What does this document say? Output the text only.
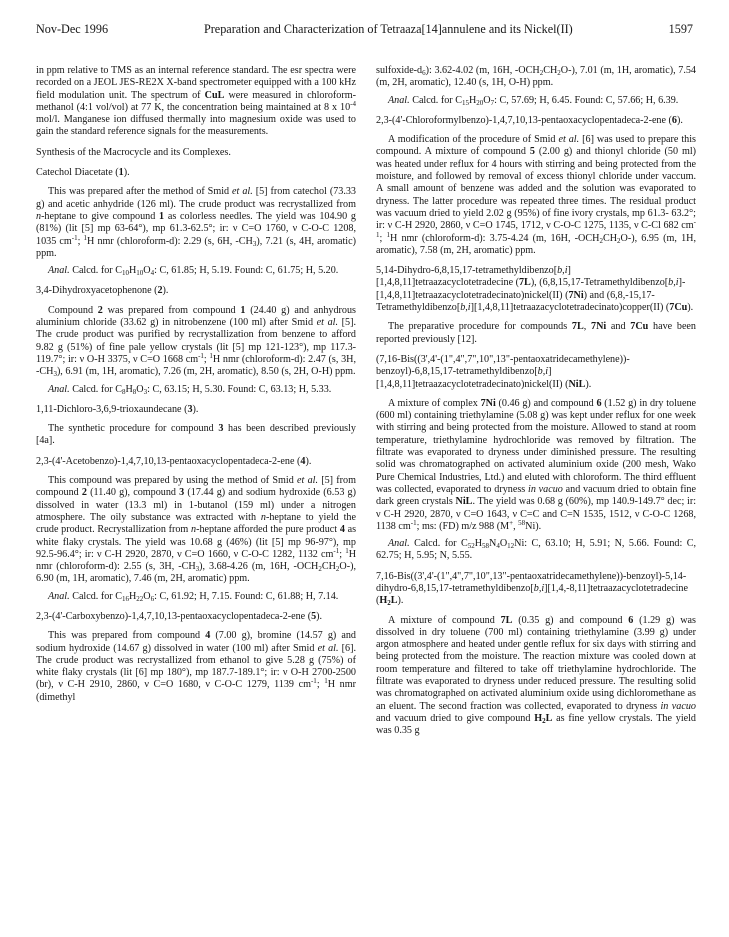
Nov-Dec 1996	Preparation and Characterization of Tetraaza[14]annulene and its Nickel(II)	1597

in ppm relative to TMS as an internal reference standard. The esr spectra were recorded on a JEOL JES-RE2X X-band spectrometer equipped with a 100 kHz field modulation unit. The spectrum of CuL were measured in chloroform-methanol (4:1 vol/vol) at 77 K, the concentration being maintained at 8 x $10^{-4}$ mol/l. Manganese ion diffused thermally into magnesium oxide was used to gain the standard reference signals for the measurements.

Synthesis of the Macrocycle and its Complexes.

Catechol Diacetate (1).

This was prepared after the method of Smid et al. [5] from catechol (73.33 g) and acetic anhydride (126 ml). The crude product was recrystallized from n-heptane to give compound 1 as colorless needles. The yield was 104.90 g (81%) (lit [5] mp 63-64°), mp 61.3-62.5°; ir: ν C=O 1760, ν C-O-C 1208, 1035 $cm^{-1}$; $^1$H nmr (chloroform-d): 2.29 (s, 6H, $-CH_3$), 7.21 (s, 4H, aromatic) ppm.

Anal. Calcd. for $C_{10}H_{10}O_4$: C, 61.85; H, 5.19. Found: C, 61.75; H, 5.20.

3,4-Dihydroxyacetophenone (2).

Compound 2 was prepared from compound 1 (24.40 g) and anhydrous aluminium chloride (33.62 g) in nitrobenzene (100 ml) after Smid et al. [5]. The crude product was purified by recrystallization from benzene to afford 9.82 g (51%) of fine pale yellow crystals (lit [5] mp 121-123°), mp 117.3-119.7°; ir: ν O-H 3375, ν C=O 1668 $cm^{-1}$; $^1$H nmr (chloroform-d): 2.47 (s, 3H, $-CH_3$), 6.91 (m, 1H, aromatic), 7.26 (m, 2H, aromatic), 8.50 (s, 2H, O-H) ppm.

Anal. Calcd. for $C_8H_8O_3$: C, 63.15; H, 5.30. Found: C, 63.13; H, 5.33.

1,11-Dichloro-3,6,9-trioxaundecane (3).

The synthetic procedure for compound 3 has been described previously [4a].

2,3-(4'-Acetobenzo)-1,4,7,10,13-pentaoxacyclopentadeca-2-ene (4).

This compound was prepared by using the method of Smid et al. [5] from compound 2 (11.40 g), compound 3 (17.44 g) and sodium hydroxide (6.53 g) dissolved in water (13.3 ml) in 1-butanol (159 ml) under a nitrogen atmosphere. The oily substance was extracted with n-heptane to yield the crude product. Recrystallization from n-heptane afforded the pure product 4 as white flaky crystals. The yield was 10.68 g (46%) (lit [5] mp 96-97°), mp 92.5-96.4°; ir: ν C-H 2920, 2870, ν C=O 1660, ν C-O-C 1282, 1132 $cm^{-1}$; $^1$H nmr (chloroform-d): 2.55 (s, 3H, $-CH_3$), 3.68-4.26 (m, 16H, $-OCH_2CH_2O-$), 6.90 (m, 1H, aromatic), 7.46 (m, 2H, aromatic) ppm.

Anal. Calcd. for $C_{16}H_{22}O_6$: C, 61.92; H, 7.15. Found: C, 61.88; H, 7.14.

2,3-(4'-Carboxybenzo)-1,4,7,10,13-pentaoxacyclopentadeca-2-ene (5).

This was prepared from compound 4 (7.00 g), bromine (14.57 g) and sodium hydroxide (14.67 g) dissolved in water (100 ml) after Smid et al. [6]. The crude product was recrystallized from ethanol to give 5.28 g (75%) of white flaky crystals (lit [6] mp 180°), mp 187.7-189.1°; ir: ν O-H 2700-2500 (br), ν C-H 2910, 2860, ν C=O 1680, ν C-O-C 1279, 1139 $cm^{-1}$; $^1$H nmr (dimethyl

sulfoxide-$d_6$): 3.62-4.02 (m, 16H, $-OCH_2CH_2O-$), 7.01 (m, 1H, aromatic), 7.54 (m, 2H, aromatic), 12.40 (s, 1H, O-H) ppm.

Anal. Calcd. for $C_{15}H_{20}O_7$: C, 57.69; H, 6.45. Found: C, 57.66; H, 6.39.

2,3-(4'-Chloroformylbenzo)-1,4,7,10,13-pentaoxacyclopentadeca-2-ene (6).

A modification of the procedure of Smid et al. [6] was used to prepare this compound. A mixture of compound 5 (2.00 g) and thionyl chloride (50 ml) was heated under reflux for 4 hours with stirring and being protected from the moisture, and followed by removal of excess thionyl chloride under vaccum. A small amount of benzene was added and the solution was evaporated to dryness. The latter procedure was repeated three times. The residual product was vacuum dried to yield 2.02 g (95%) of fine ivory crystals, mp 61.3- 63.2°; ir: ν C-H 2920, 2860, ν C=O 1745, 1712, ν C-O-C 1275, 1135, ν C-Cl 682 $cm^{-1}$; $^1$H nmr (chloroform-d): 3.75-4.24 (m, 16H, $-OCH_2CH_2O-$), 6.95 (m, 1H, aromatic), 7.58 (m, 2H, aromatic) ppm.

5,14-Dihydro-6,8,15,17-tetramethyldibenzo[b,i][1,4,8,11]tetraazacyclotetradecine (7L), (6,8,15,17-Tetramethyldibenzo[b,i]-[1,4,8,11]tetraazacyclotetradecinato)nickel(II) (7Ni) and (6,8,-15,17-Tetramethyldibenzo[b,i][1,4,8,11]tetraazacyclotetradecinato)copper(II) (7Cu).

The preparative procedure for compounds 7L, 7Ni and 7Cu have been reported previously [12].

(7,16-Bis((3',4'-(1",4",7",10",13"-pentaoxatridecamethylene))-benzoyl)-6,8,15,17-tetramethyldibenzo[b,i][1,4,8,11]tetraazacyclotetradecinato)nickel(II) (NiL).

A mixture of complex 7Ni (0.46 g) and compound 6 (1.52 g) in dry toluene (600 ml) containing triethylamine (5.08 g) was kept under reflux for one week with stirring and being protected from the moisture. Allowed to stand at room temperature, triethylamine hydrochloride was removed by filtration. The filtrate was evaporated to dryness under diminished pressure. The resulting solid was chromatographed on activated aluminium oxide (200 mesh, Wako Pure Chemical Industries, Ltd.) and eluted with chloroform. The third effluent was collected, evaporated to dryness in vacuo and vacuum dried to obtain fine dark green crystals NiL. The yield was 0.68 g (60%), mp 140.9-149.7° dec; ir: ν C-H 2920, 2870, ν C=O 1643, ν C=C and C=N 1535, 1512, ν C-O-C 1268, 1138 $cm^{-1}$; ms: (FD) m/z 988 (M+, $^{58}$Ni).

Anal. Calcd. for $C_{52}H_{58}N_4O_{12}Ni$: C, 63.10; H, 5.91; N, 5.66. Found: C, 62.75; H, 5.95; N, 5.55.

7,16-Bis((3',4'-(1",4",7",10",13"-pentaoxatridecamethylene))-benzoyl)-5,14-dihydro-6,8,15,17-tetramethyldibenzo[b,i][1,4,-8,11]tetraazacyclotetradecine $(H_2L)$.

A mixture of compound 7L (0.35 g) and compound 6 (1.29 g) was dissolved in dry toluene (700 ml) containing triethylamine (3.99 g) under argon atmosphere and heated under gentle reflux for six days with stirring and being protected from the moisture. The reaction mixture was cooled down at room temperature and filtered to take off triethylamine hydrochloride. The filtrate was evaporated to dryness under reduced pressure. The resulting solid was chromatographed on activated aluminium oxide using dichloromethane as an eluent. The second fraction was collected, evaporated to dryness in vacuo and vacuum dried to give compound $H_2L$ as fine yellow crystals. The yield was 0.35 g
